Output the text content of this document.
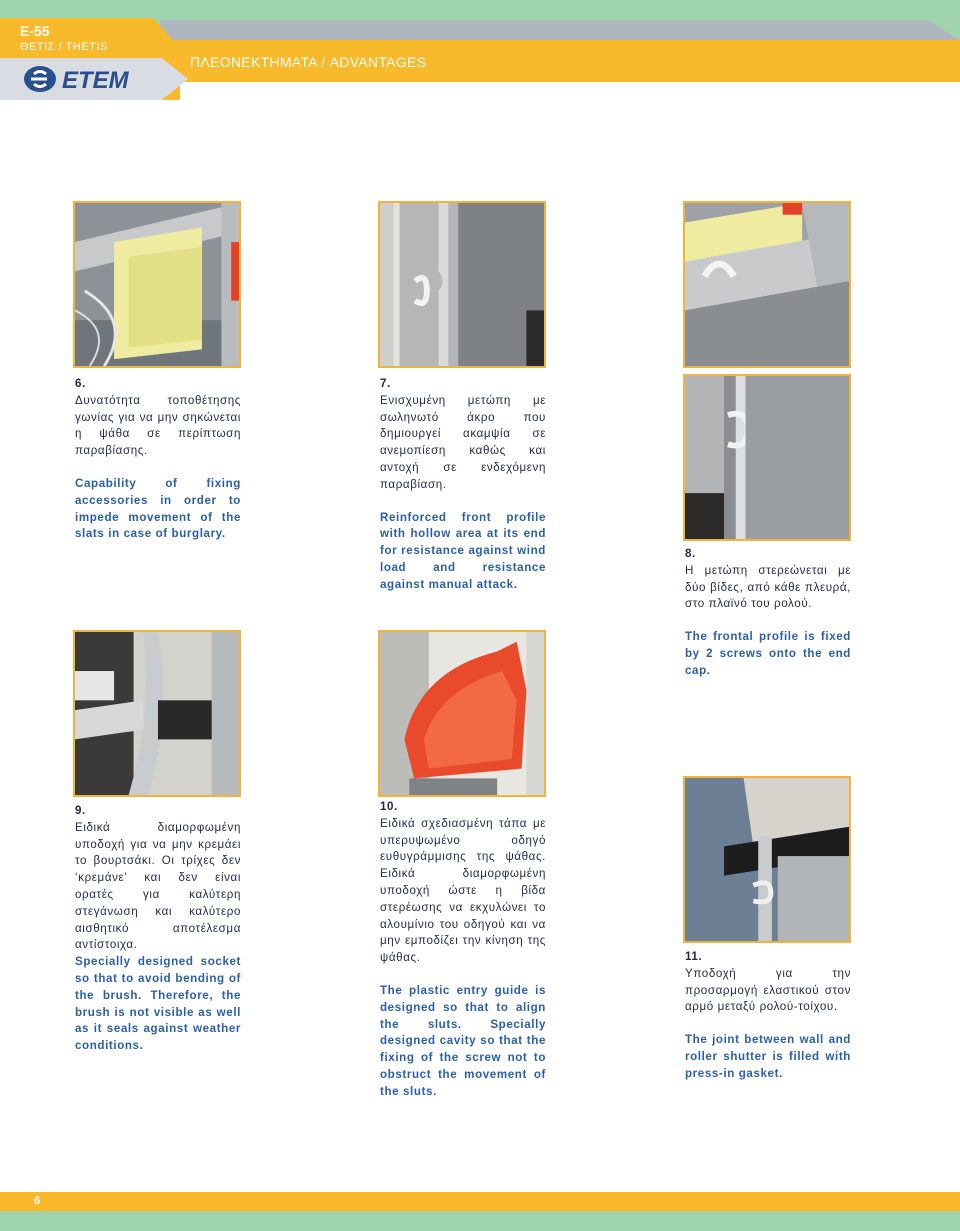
E-55
ΘΕΤΙΣ / THETIS
ΠΛΕΟΝΕΚΤΗΜΑΤΑ / ADVANTAGES
ETEM
6.
Δυνατότητα τοποθέτησης γωνίας για να μην σηκώνεται η ψάθα σε περίπτωση παραβίασης.
Capability of fixing accessories in order to impede movement of the slats in case of burglary.
7.
Ενισχυμένη μετώπη με σωληνωτό άκρο που δημιουργεί ακαμψία σε ανεμοπίεση καθώς και αντοχή σε ενδεχόμενη παραβίαση.
Reinforced front profile with hollow area at its end for resistance against wind load and resistance against manual attack.
8.
Η μετώπη στερεώνεται με δύο βίδες, από κάθε πλευρά, στο πλαϊνό του ρολού.
The frontal profile is fixed by 2 screws onto the end cap.
9.
Ειδικά διαμορφωμένη υποδοχή για να μην κρεμάει το βουρτσάκι. Οι τρίχες δεν ‘κρεμάνε’ και δεν είναι ορατές για καλύτερη στεγάνωση και καλύτερο αισθητικό αποτέλεσμα αντίστοιχα.
Specially designed socket so that to avoid bending of the brush. Therefore, the brush is not visible as well as it seals against weather conditions.
10.
Ειδικά σχεδιασμένη τάπα με υπερυψωμένο οδηγό ευθυγράμμισης της ψάθας. Ειδικά διαμορφωμένη υποδοχή ώστε η βίδα στερέωσης να εκχυλώνει το αλουμίνιο του οδηγού και να μην εμποδίζει την κίνηση της ψάθας.
The plastic entry guide is designed so that to align the sluts. Specially designed cavity so that the fixing of the screw not to obstruct the movement of the sluts.
11.
Υποδοχή για την προσαρμογή ελαστικού στον αρμό μεταξύ ρολού-τοίχου.
The joint between wall and roller shutter is filled with press-in gasket.
6
